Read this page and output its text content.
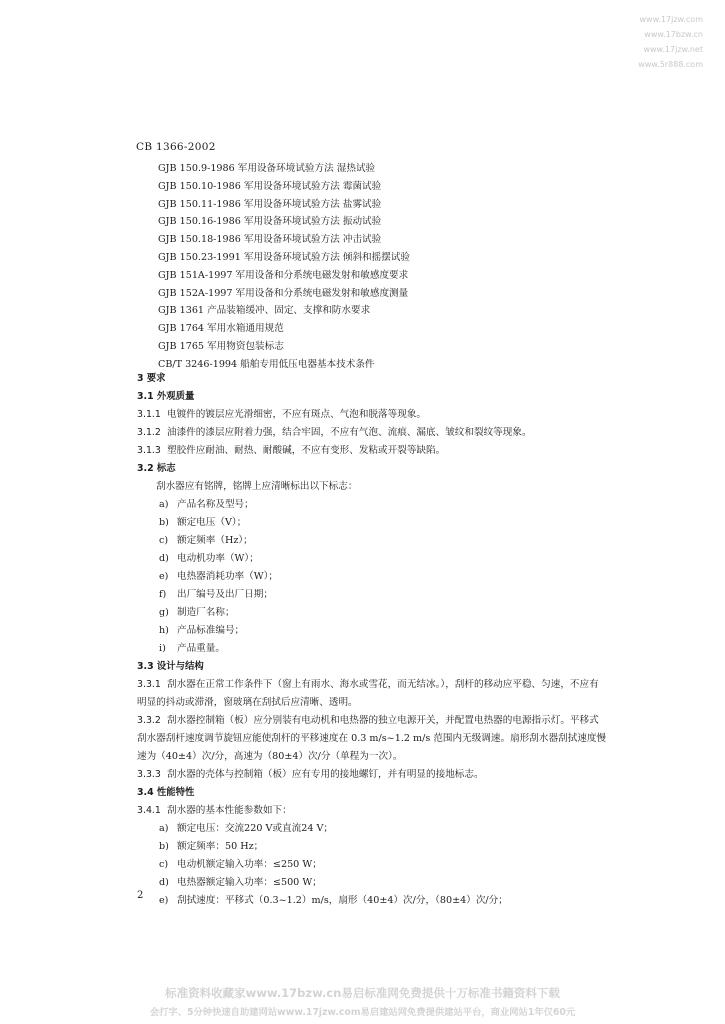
www.17jzw.com
www.17bzw.cn
www.17jzw.net
www.5r888.com
CB 1366-2002
GJB 150.9-1986 军用设备环境试验方法 湿热试验
GJB 150.10-1986 军用设备环境试验方法 霉菌试验
GJB 150.11-1986 军用设备环境试验方法 盐雾试验
GJB 150.16-1986 军用设备环境试验方法 振动试验
GJB 150.18-1986 军用设备环境试验方法 冲击试验
GJB 150.23-1991 军用设备环境试验方法 倾斜和摇摆试验
GJB 151A-1997 军用设备和分系统电磁发射和敏感度要求
GJB 152A-1997 军用设备和分系统电磁发射和敏感度测量
GJB 1361 产品装箱缓冲、固定、支撑和防水要求
GJB 1764 军用水箱通用规范
GJB 1765 军用物资包装标志
CB/T 3246-1994 船舶专用低压电器基本技术条件
3 要求
3.1 外观质量
3.1.1 电镀件的镀层应光滑细密，不应有斑点、气泡和脱落等现象。
3.1.2 油漆件的漆层应附着力强，结合牢固，不应有气泡、流痕、漏底、皱纹和裂纹等现象。
3.1.3 塑胶件应耐油、耐热、耐酸碱，不应有变形、发粘或开裂等缺陷。
3.2 标志
刮水器应有铭牌，铭牌上应清晰标出以下标志：
a) 产品名称及型号；
b) 额定电压（V）；
c) 额定频率（Hz）；
d) 电动机功率（W）；
e) 电热器消耗功率（W）；
f) 出厂编号及出厂日期；
g) 制造厂名称；
h) 产品标准编号；
i) 产品重量。
3.3 设计与结构
3.3.1 刮水器在正常工作条件下（窗上有雨水、海水或雪花，而无结冰。），刮杆的移动应平稳、匀速，不应有明显的抖动或滞滑，窗玻璃在刮拭后应清晰、透明。
3.3.2 刮水器控制箱（板）应分别装有电动机和电热器的独立电源开关，并配置电热器的电源指示灯。平移式刮水器刮杆速度调节旋钮应能使刮杆的平移速度在 0.3 m/s~1.2 m/s 范围内无级调速。扇形刮水器刮拭速度慢速为（40±4）次/分，高速为（80±4）次/分（单程为一次）。
3.3.3 刮水器的壳体与控制箱（板）应有专用的接地螺钉，并有明显的接地标志。
3.4 性能特性
3.4.1 刮水器的基本性能参数如下：
a) 额定电压：交流220 V或直流24 V；
b) 额定频率：50 Hz；
c) 电动机额定输入功率：≤250 W；
d) 电热器额定输入功率：≤500 W；
e) 刮拭速度：平移式（0.3~1.2）m/s，扇形（40±4）次/分，（80±4）次/分；
2
标准资料收藏家www.17bzw.cn易启标准网免费提供十万标准书籍资料下载
会打字、5分钟快速自助建网站www.17jzw.com易启建站网免费提供建站平台，商业网站1年仅60元
